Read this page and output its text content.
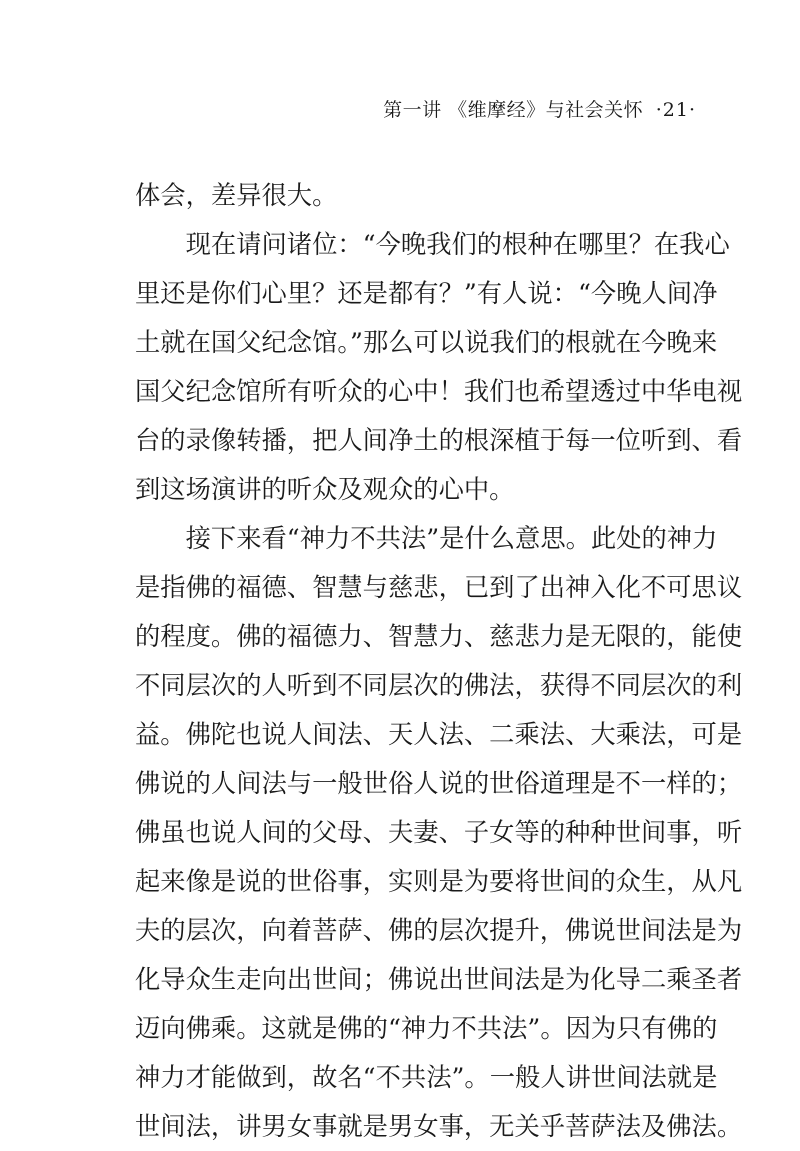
第一讲 《维摩经》与社会关怀 ·21·
体会，差异很大。
　　现在请问诸位：“今晚我们的根种在哪里？在我心
里还是你们心里？还是都有？”有人说：“今晚人间净
土就在国父纪念馆。”那么可以说我们的根就在今晚来
国父纪念馆所有听众的心中！我们也希望透过中华电视
台的录像转播，把人间净土的根深植于每一位听到、看
到这场演讲的听众及观众的心中。
　　接下来看“神力不共法”是什么意思。此处的神力
是指佛的福德、智慧与慈悲，已到了出神入化不可思议
的程度。佛的福德力、智慧力、慈悲力是无限的，能使
不同层次的人听到不同层次的佛法，获得不同层次的利
益。佛陀也说人间法、天人法、二乘法、大乘法，可是
佛说的人间法与一般世俗人说的世俗道理是不一样的；
佛虽也说人间的父母、夫妻、子女等的种种世间事，听
起来像是说的世俗事，实则是为要将世间的众生，从凡
夫的层次，向着菩萨、佛的层次提升，佛说世间法是为
化导众生走向出世间；佛说出世间法是为化导二乘圣者
迈向佛乘。这就是佛的“神力不共法”。因为只有佛的
神力才能做到，故名“不共法”。一般人讲世间法就是
世间法，讲男女事就是男女事，无关乎菩萨法及佛法。
